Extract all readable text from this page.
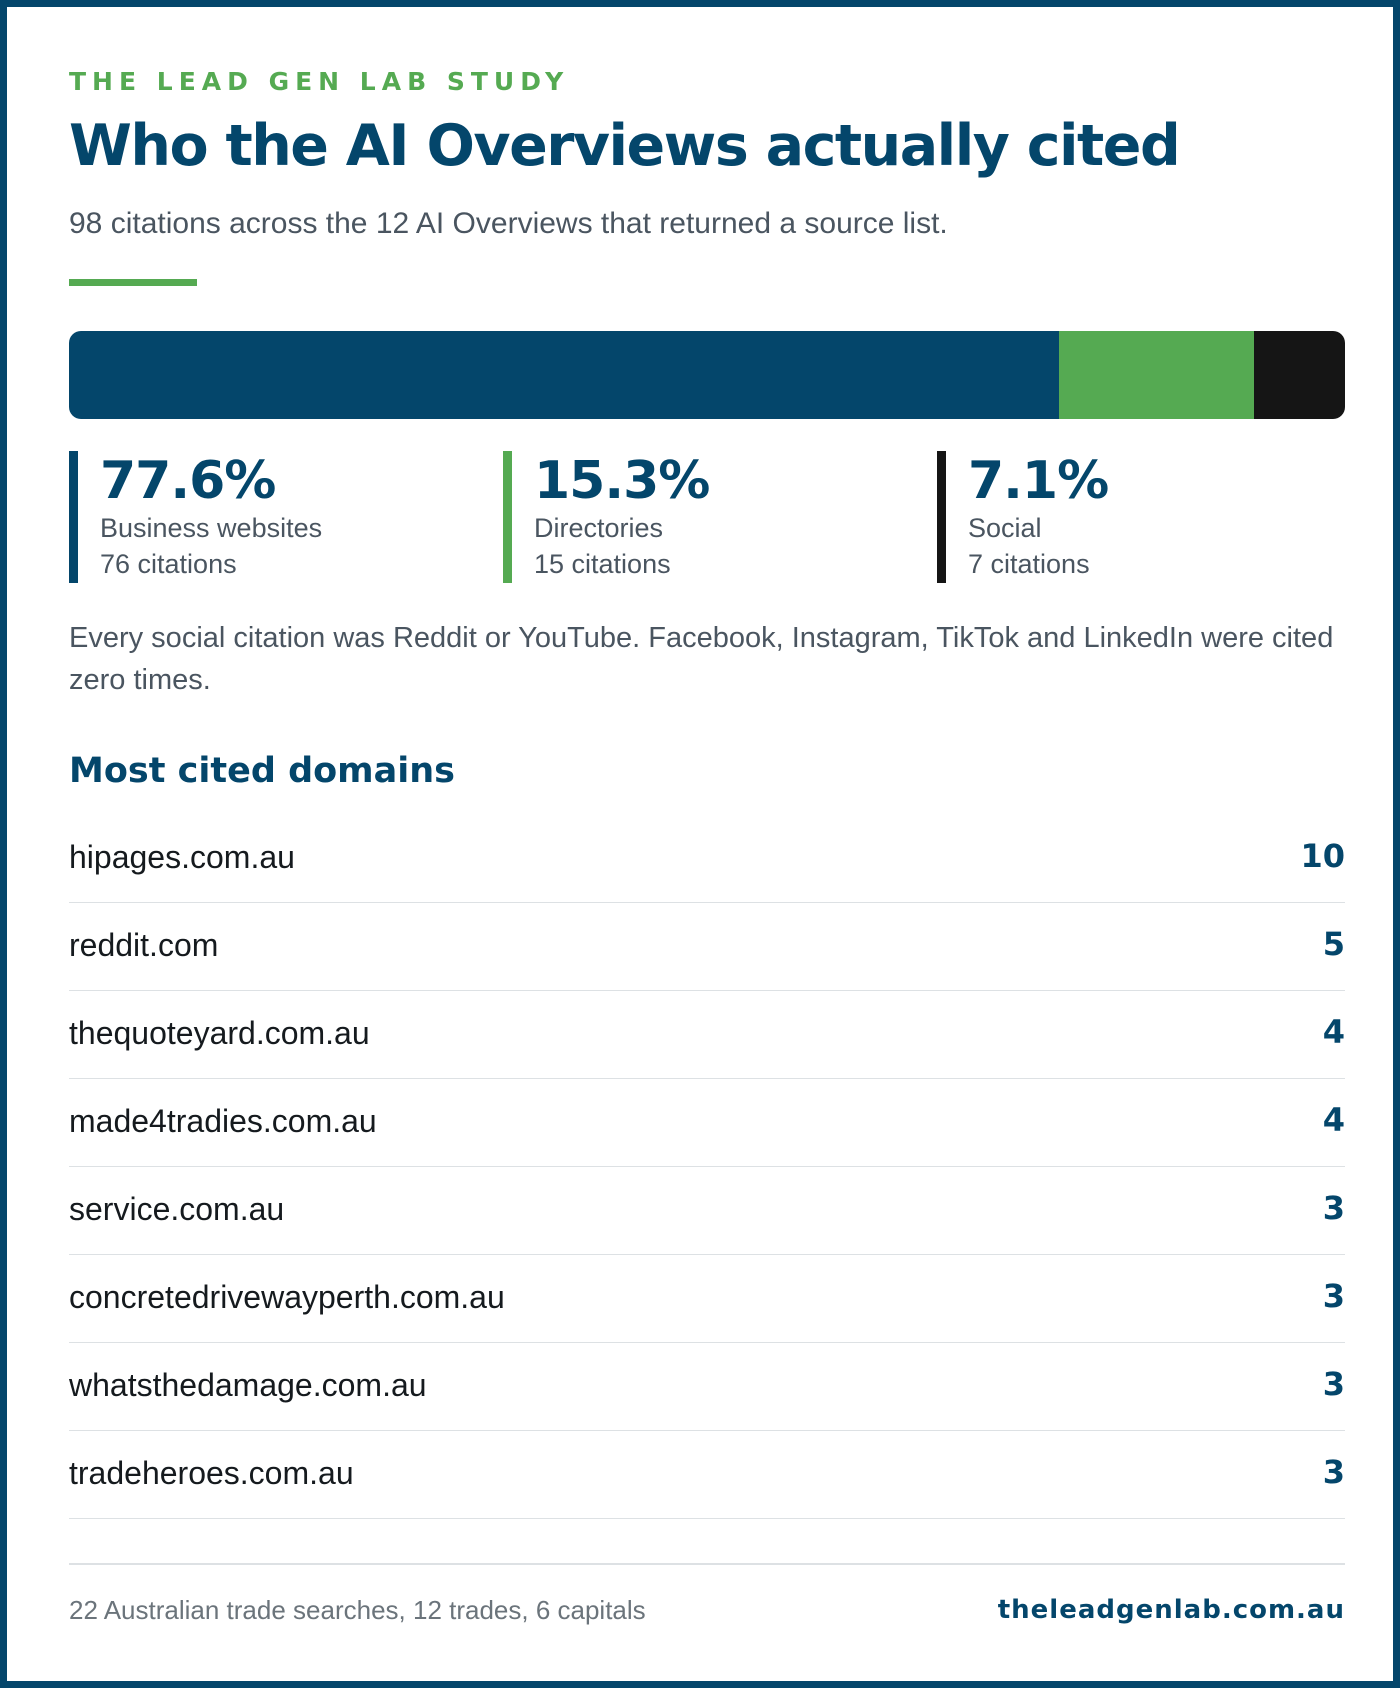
THE LEAD GEN LAB STUDY
Who the AI Overviews actually cited
98 citations across the 12 AI Overviews that returned a source list.
77.6%
Business websites
76 citations
15.3%
Directories
15 citations
7.1%
Social
7 citations
Every social citation was Reddit or YouTube. Facebook, Instagram, TikTok and LinkedIn were cited zero times.
Most cited domains
hipages.com.au	10
reddit.com	5
thequoteyard.com.au	4
made4tradies.com.au	4
service.com.au	3
concretedrivewayperth.com.au	3
whatsthedamage.com.au	3
tradeheroes.com.au	3
22 Australian trade searches, 12 trades, 6 capitals	theleadgenlab.com.au
